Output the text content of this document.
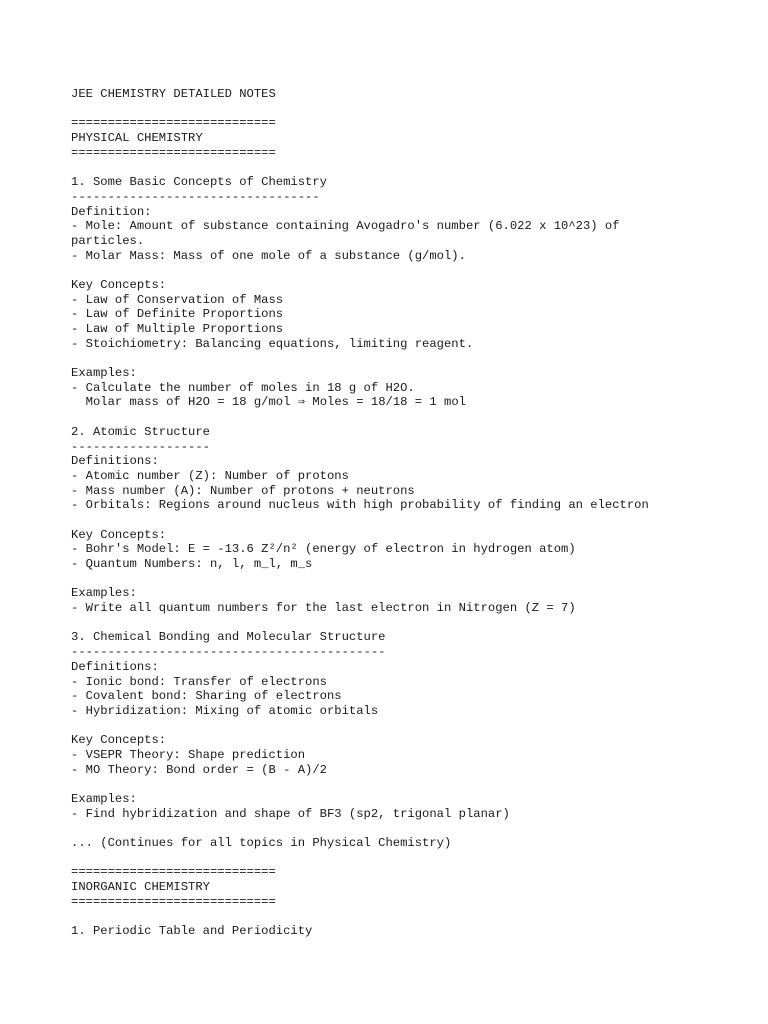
JEE CHEMISTRY DETAILED NOTES
============================
PHYSICAL CHEMISTRY
============================
1. Some Basic Concepts of Chemistry
----------------------------------
Definition:
- Mole: Amount of substance containing Avogadro's number (6.022 x 10^23) of
particles.
- Molar Mass: Mass of one mole of a substance (g/mol).
Key Concepts:
- Law of Conservation of Mass
- Law of Definite Proportions
- Law of Multiple Proportions
- Stoichiometry: Balancing equations, limiting reagent.
Examples:
- Calculate the number of moles in 18 g of H2O.
Molar mass of H2O = 18 g/mol ⇒ Moles = 18/18 = 1 mol
2. Atomic Structure
-------------------
Definitions:
- Atomic number (Z): Number of protons
- Mass number (A): Number of protons + neutrons
- Orbitals: Regions around nucleus with high probability of finding an electron
Key Concepts:
- Bohr's Model: E = -13.6 Z²/n² (energy of electron in hydrogen atom)
- Quantum Numbers: n, l, m_l, m_s
Examples:
- Write all quantum numbers for the last electron in Nitrogen (Z = 7)
3. Chemical Bonding and Molecular Structure
-------------------------------------------
Definitions:
- Ionic bond: Transfer of electrons
- Covalent bond: Sharing of electrons
- Hybridization: Mixing of atomic orbitals
Key Concepts:
- VSEPR Theory: Shape prediction
- MO Theory: Bond order = (B - A)/2
Examples:
- Find hybridization and shape of BF3 (sp2, trigonal planar)
... (Continues for all topics in Physical Chemistry)
============================
INORGANIC CHEMISTRY
============================
1. Periodic Table and Periodicity
